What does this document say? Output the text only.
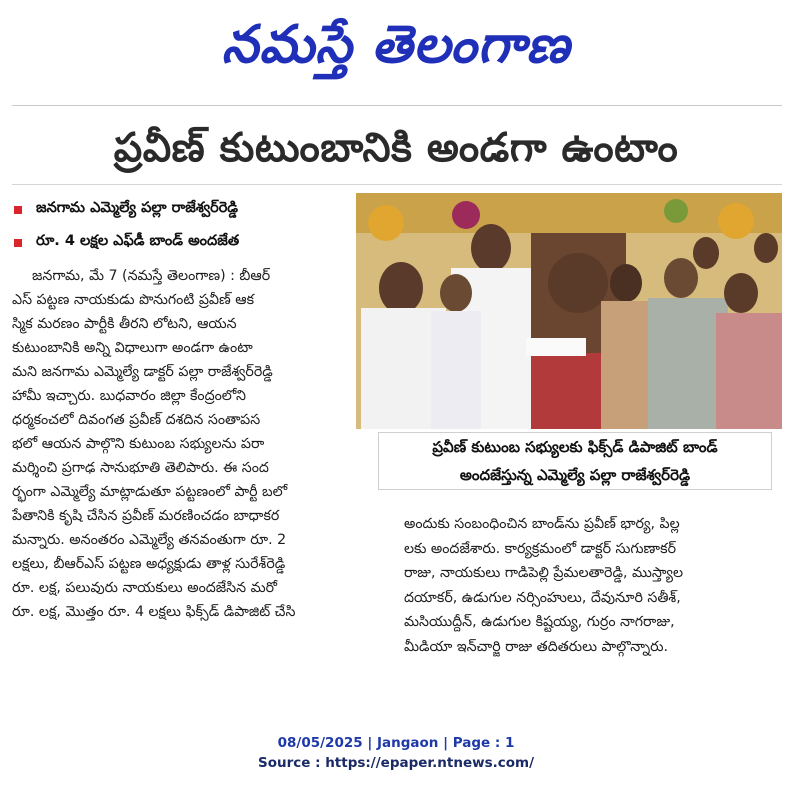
నమస్తే తెలంగాణ
ప్రవీణ్ కుటుంబానికి అండగా ఉంటాం
జనగామ ఎమ్మెల్యే పల్లా రాజేశ్వర్‌రెడ్డి
రూ. 4 లక్షల ఎఫ్‌డీ బాండ్ అందజేత
జనగామ, మే 7 (నమస్తే తెలంగాణ) : బీఆర్
ఎస్ పట్టణ నాయకుడు పొనుగంటి ప్రవీణ్ ఆక
స్మిక మరణం పార్టీకి తీరని లోటని, ఆయన
కుటుంబానికి అన్ని విధాలుగా అండగా ఉంటా
మని జనగామ ఎమ్మెల్యే డాక్టర్ పల్లా రాజేశ్వర్‌రెడ్డి
హామీ ఇచ్చారు. బుధవారం జిల్లా కేంద్రంలోని
ధర్మకంచలో దివంగత ప్రవీణ్ దశదిన సంతాపస
భలో ఆయన పాల్గొని కుటుంబ సభ్యులను పరా
మర్శించి ప్రగాఢ సానుభూతి తెలిపారు. ఈ సంద
ర్భంగా ఎమ్మెల్యే మాట్లాడుతూ పట్టణంలో పార్టీ బలో
పేతానికి కృషి చేసిన ప్రవీణ్ మరణించడం బాధాకర
మన్నారు. అనంతరం ఎమ్మెల్యే తనవంతుగా రూ. 2
లక్షలు, బీఆర్‌ఎస్ పట్టణ అధ్యక్షుడు తాళ్ల సురేశ్‌రెడ్డి
రూ. లక్ష, పలువురు నాయకులు అందజేసిన మరో
రూ. లక్ష, మొత్తం రూ. 4 లక్షలు ఫిక్స్‌డ్ డిపాజిట్ చేసి
ప్రవీణ్ కుటుంబ సభ్యులకు ఫిక్స్‌డ్ డిపాజిట్ బాండ్
అందజేస్తున్న ఎమ్మెల్యే పల్లా రాజేశ్వర్‌రెడ్డి
అందుకు సంబంధించిన బాండ్‌ను ప్రవీణ్ భార్య, పిల్ల
లకు అందజేశారు. కార్యక్రమంలో డాక్టర్ సుగుణాకర్
రాజు, నాయకులు గాడిపెల్లి ప్రేమలతారెడ్డి, ముస్త్యాల
దయాకర్, ఉడుగుల నర్సింహులు, దేవునూరి సతీశ్,
మసియుద్దీన్, ఉడుగుల కిష్టయ్య, గుర్రం నాగరాజు,
మీడియా ఇన్‌చార్జి రాజు తదితరులు పాల్గొన్నారు.
08/05/2025 | Jangaon | Page : 1
Source : https://epaper.ntnews.com/
